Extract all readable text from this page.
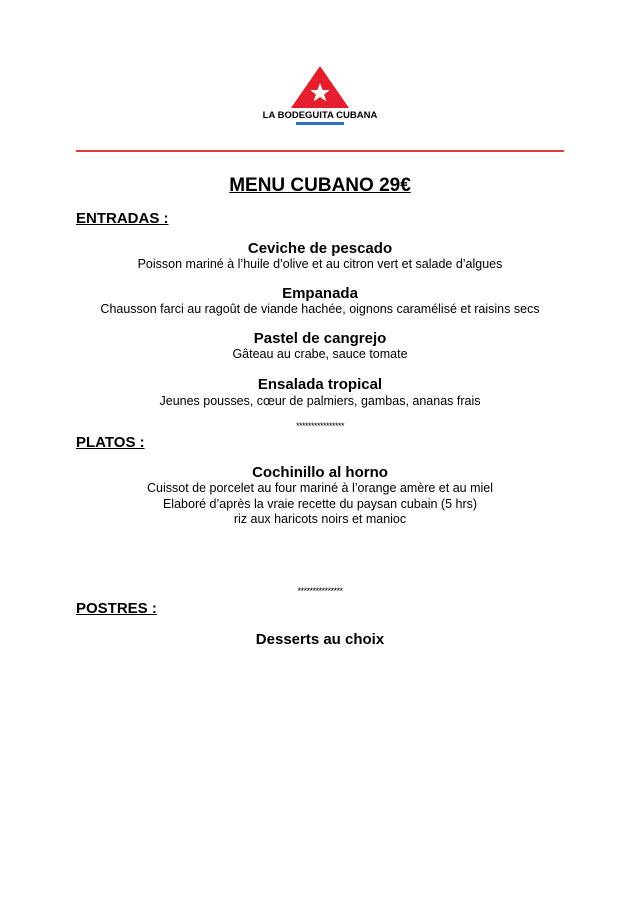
LA BODEGUITA CUBANA
MENU CUBANO 29€
ENTRADAS :
Ceviche de pescado
Poisson mariné à l’huile d’olive et au citron vert et salade d’algues
Empanada
Chausson farci au ragoût de viande hachée, oignons caramélisé et raisins secs
Pastel de cangrejo
Gâteau au crabe, sauce tomate
Ensalada tropical
Jeunes pousses, cœur de palmiers, gambas, ananas frais
****************
PLATOS :
Cochinillo al horno
Cuissot de porcelet au four mariné à l’orange amère et au miel
Elaboré d’après la vraie recette du paysan cubain (5 hrs)
riz aux haricots noirs et manioc
***************
POSTRES :
Desserts au choix
